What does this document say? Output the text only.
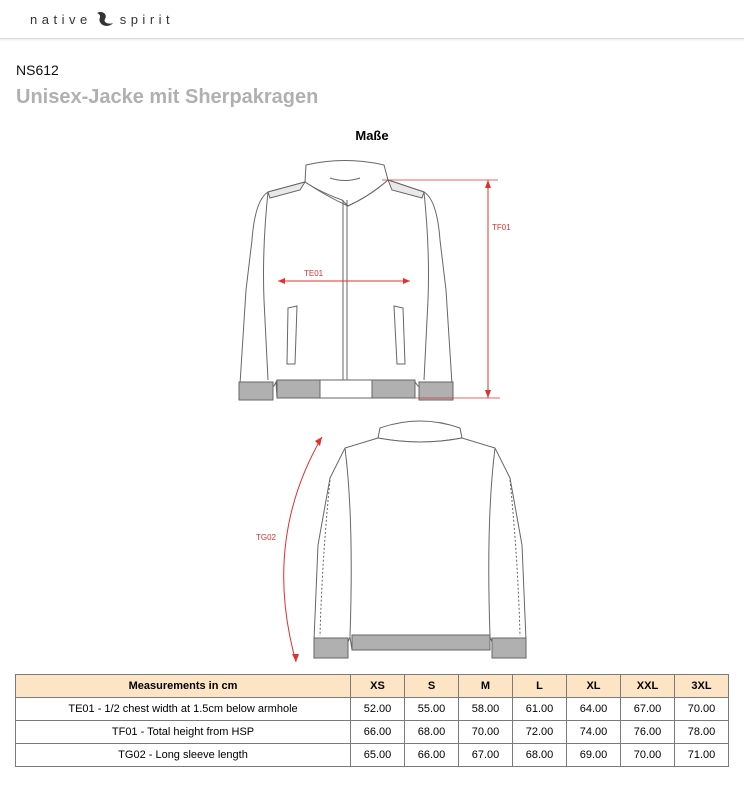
native spirit
NS612
Unisex-Jacke mit Sherpakragen
Maße
TE01
TF01
TG02
Measurements in cm	XS	S	M	L	XL	XXL	3XL
TE01 - 1/2 chest width at 1.5cm below armhole	52.00	55.00	58.00	61.00	64.00	67.00	70.00
TF01 - Total height from HSP	66.00	68.00	70.00	72.00	74.00	76.00	78.00
TG02 - Long sleeve length	65.00	66.00	67.00	68.00	69.00	70.00	71.00
